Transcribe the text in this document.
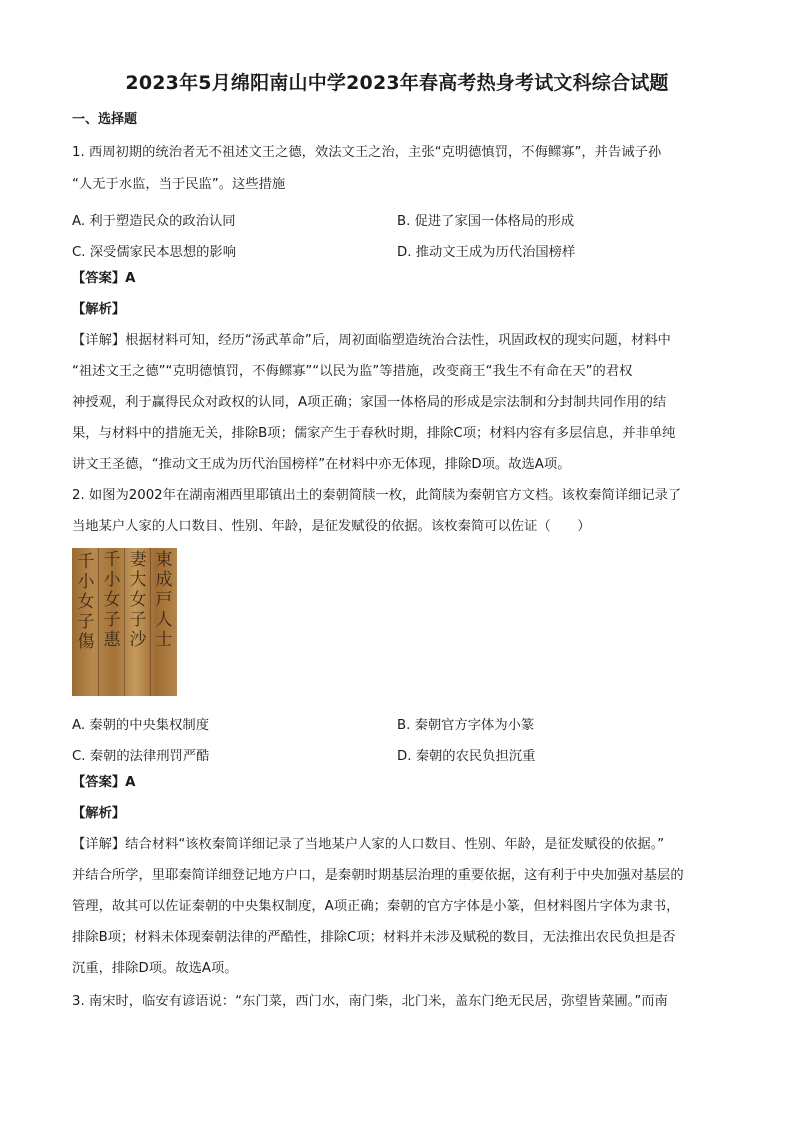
2023年5月绵阳南山中学2023年春高考热身考试文科综合试题
一、选择题
1. 西周初期的统治者无不祖述文王之德，效法文王之治，主张“克明德慎罚，不侮鳏寡”，并告诫子孙
“人无于水监，当于民监”。这些措施
A. 利于塑造民众的政治认同	B. 促进了家国一体格局的形成
C. 深受儒家民本思想的影响	D. 推动文王成为历代治国榜样
【答案】A
【解析】
【详解】根据材料可知，经历“汤武革命”后，周初面临塑造统治合法性，巩固政权的现实问题，材料中
“祖述文王之德”“克明德慎罚，不侮鳏寡”“以民为监”等措施，改变商王“我生不有命在天”的君权
神授观，利于赢得民众对政权的认同，A项正确；家国一体格局的形成是宗法制和分封制共同作用的结
果，与材料中的措施无关，排除B项；儒家产生于春秋时期，排除C项；材料内容有多层信息，并非单纯
讲文王圣德，“推动文王成为历代治国榜样”在材料中亦无体现，排除D项。故选A项。
2. 如图为2002年在湖南湘西里耶镇出土的秦朝简牍一枚，此简牍为秦朝官方文档。该枚秦简详细记录了
当地某户人家的人口数目、性别、年龄，是征发赋役的依据。该枚秦简可以佐证（　　）
千
小
女
子
傷
千
小
女
子
惠
妻
大
女
子
沙
東
成
戸
人
士
A. 秦朝的中央集权制度	B. 秦朝官方字体为小篆
C. 秦朝的法律刑罚严酷	D. 秦朝的农民负担沉重
【答案】A
【解析】
【详解】结合材料“该枚秦简详细记录了当地某户人家的人口数目、性别、年龄，是征发赋役的依据。”
并结合所学，里耶秦简详细登记地方户口，是秦朝时期基层治理的重要依据，这有利于中央加强对基层的
管理，故其可以佐证秦朝的中央集权制度，A项正确；秦朝的官方字体是小篆，但材料图片字体为隶书，
排除B项；材料未体现秦朝法律的严酷性，排除C项；材料并未涉及赋税的数目，无法推出农民负担是否
沉重，排除D项。故选A项。
3. 南宋时，临安有谚语说：“东门菜，西门水，南门柴，北门米，盖东门绝无民居，弥望皆菜圃。”而南
